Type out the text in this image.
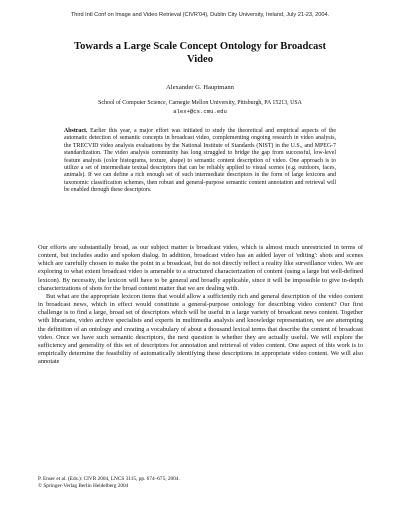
Third Intl Conf on Image and Video Retrieval (CIVR'04), Dublin City University, Ireland, July 21-23, 2004.
Towards a Large Scale Concept Ontology for Broadcast Video
Alexander G. Hauptmann
School of Computer Science, Carnegie Mellon University, Pittsburgh, PA 15213, USA
alex+@cs.cmu.edu
Abstract. Earlier this year, a major effort was initiated to study the theoretical and empirical aspects of the automatic detection of semantic concepts in broadcast video, complementing ongoing research in video analysis, the TRECVID video analysis evaluations by the National Institute of Standards (NIST) in the U.S., and MPEG-7 standardization. The video analysis community has long struggled to bridge the gap from successful, low-level feature analysis (color histograms, texture, shape) to semantic content description of video. One approach is to utilize a set of intermediate textual descriptors that can be reliably applied to visual scenes (e.g. outdoors, faces, animals). If we can define a rich enough set of such intermediate descriptors in the form of large lexicons and taxonomic classification schemes, then robust and general-purpose semantic content annotation and retrieval will be enabled through these descriptors.

Our efforts are substantially broad, as our subject matter is broadcast video, which is almost much unrestricted in terms of content, but includes audio and spoken dialog. In addition, broadcast video has an added layer of 'editing': shots and scenes which are carefully chosen to make the point in a broadcast, but do not directly reflect a reality like surveillance video. We are exploring to what extent broadcast video is amenable to a structured characterization of content (using a large but well-defined lexicon). By necessity, the lexicon will have to be general and broadly applicable, since it will be impossible to give in-depth characterizations of shots for the broad content matter that we are dealing with.

But what are the appropriate lexicon items that would allow a sufficiently rich and general description of the video content in broadcast news, which in effect would constitute a general-purpose ontology for describing video content? Our first challenge is to find a large, broad set of descriptors which will be useful in a large variety of broadcast news content. Together with librarians, video archive specialists and experts in multimedia analysis and knowledge representation, we are attempting the definition of an ontology and creating a vocabulary of about a thousand lexical terms that describe the content of broadcast video. Once we have such semantic descriptors, the next question is whether they are actually useful. We will explore the sufficiency and generality of this set of descriptors for annotation and retrieval of video content. One aspect of this work is to empirically determine the feasibility of automatically identifying these descriptions in appropriate video content. We will also annotate

P. Enser et al. (Eds.): CIVR 2004, LNCS 3115, pp. 674–675, 2004.
© Springer-Verlag Berlin Heidelberg 2004
